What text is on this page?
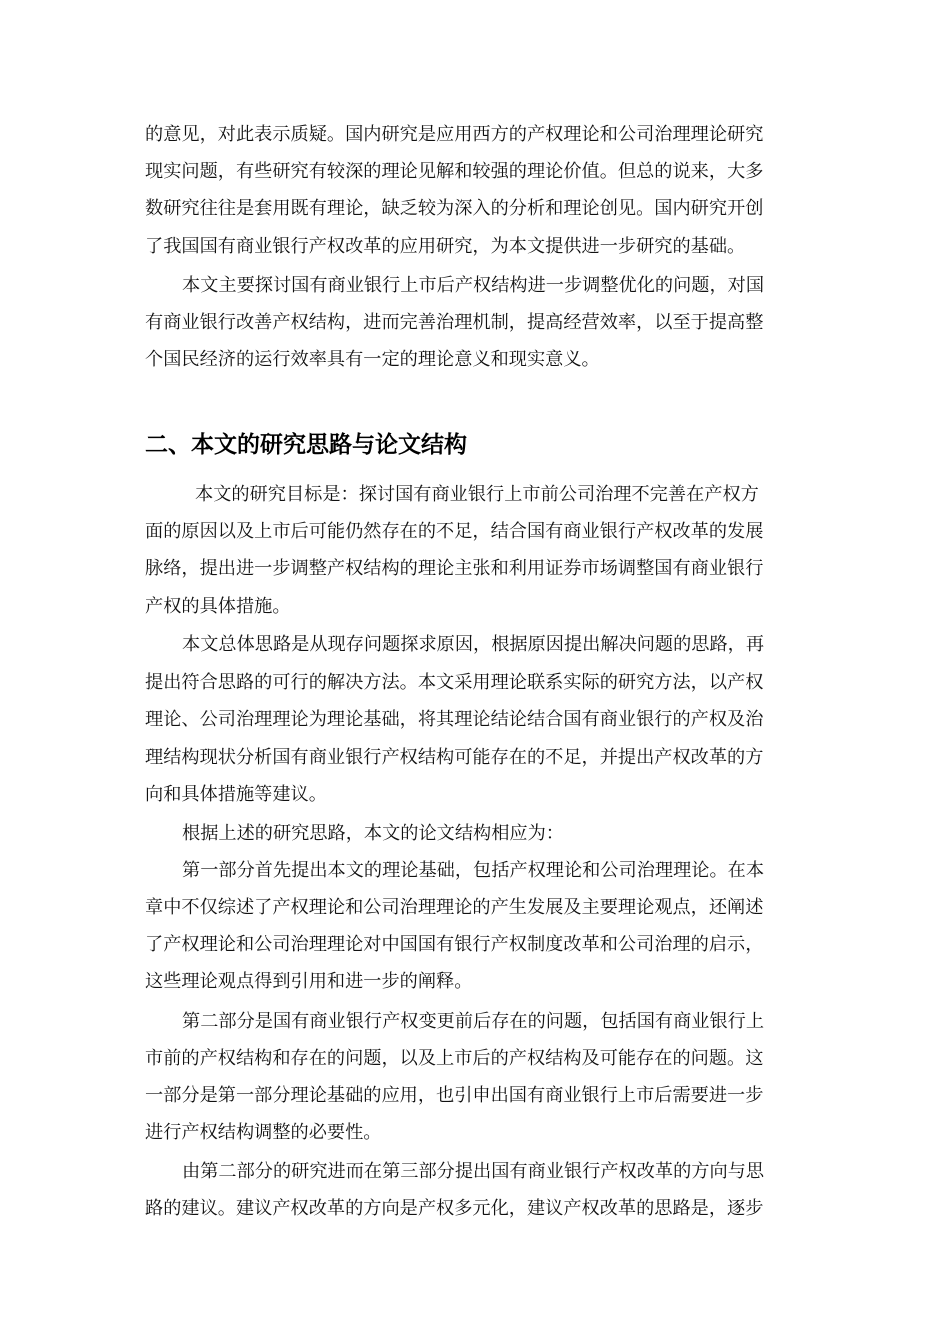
的意见，对此表示质疑。国内研究是应用西方的产权理论和公司治理理论研究
现实问题，有些研究有较深的理论见解和较强的理论价值。但总的说来，大多
数研究往往是套用既有理论，缺乏较为深入的分析和理论创见。国内研究开创
了我国国有商业银行产权改革的应用研究，为本文提供进一步研究的基础。
本文主要探讨国有商业银行上市后产权结构进一步调整优化的问题，对国
有商业银行改善产权结构，进而完善治理机制，提高经营效率，以至于提高整
个国民经济的运行效率具有一定的理论意义和现实意义。
二、本文的研究思路与论文结构
本文的研究目标是：探讨国有商业银行上市前公司治理不完善在产权方
面的原因以及上市后可能仍然存在的不足，结合国有商业银行产权改革的发展
脉络，提出进一步调整产权结构的理论主张和利用证券市场调整国有商业银行
产权的具体措施。
本文总体思路是从现存问题探求原因，根据原因提出解决问题的思路，再
提出符合思路的可行的解决方法。本文采用理论联系实际的研究方法，以产权
理论、公司治理理论为理论基础，将其理论结论结合国有商业银行的产权及治
理结构现状分析国有商业银行产权结构可能存在的不足，并提出产权改革的方
向和具体措施等建议。
根据上述的研究思路，本文的论文结构相应为：
第一部分首先提出本文的理论基础，包括产权理论和公司治理理论。在本
章中不仅综述了产权理论和公司治理理论的产生发展及主要理论观点，还阐述
了产权理论和公司治理理论对中国国有银行产权制度改革和公司治理的启示，
这些理论观点得到引用和进一步的阐释。
第二部分是国有商业银行产权变更前后存在的问题，包括国有商业银行上
市前的产权结构和存在的问题，以及上市后的产权结构及可能存在的问题。这
一部分是第一部分理论基础的应用，也引申出国有商业银行上市后需要进一步
进行产权结构调整的必要性。
由第二部分的研究进而在第三部分提出国有商业银行产权改革的方向与思
路的建议。建议产权改革的方向是产权多元化，建议产权改革的思路是，逐步
